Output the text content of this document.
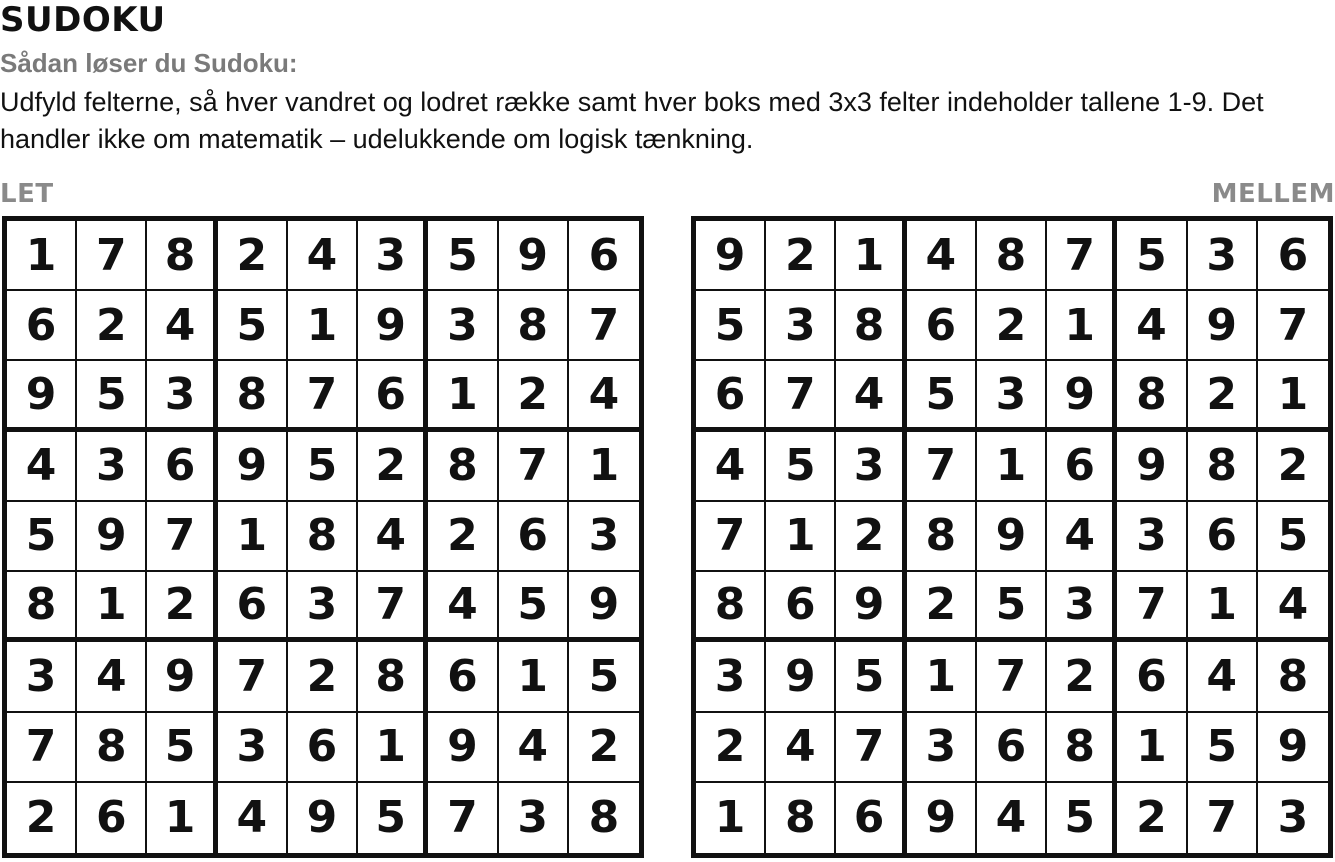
SUDOKU
Sådan løser du Sudoku:
Udfyld felterne, så hver vandret og lodret række samt hver boks med 3x3 felter indeholder tallene 1-9. Det handler ikke om matematik – udelukkende om logisk tænkning.
LET	MELLEM
1 7 8 2 4 3 5 9 6
6 2 4 5 1 9 3 8 7
9 5 3 8 7 6 1 2 4
4 3 6 9 5 2 8 7 1
5 9 7 1 8 4 2 6 3
8 1 2 6 3 7 4 5 9
3 4 9 7 2 8 6 1 5
7 8 5 3 6 1 9 4 2
2 6 1 4 9 5 7 3 8
9 2 1 4 8 7 5 3 6
5 3 8 6 2 1 4 9 7
6 7 4 5 3 9 8 2 1
4 5 3 7 1 6 9 8 2
7 1 2 8 9 4 3 6 5
8 6 9 2 5 3 7 1 4
3 9 5 1 7 2 6 4 8
2 4 7 3 6 8 1 5 9
1 8 6 9 4 5 2 7 3
